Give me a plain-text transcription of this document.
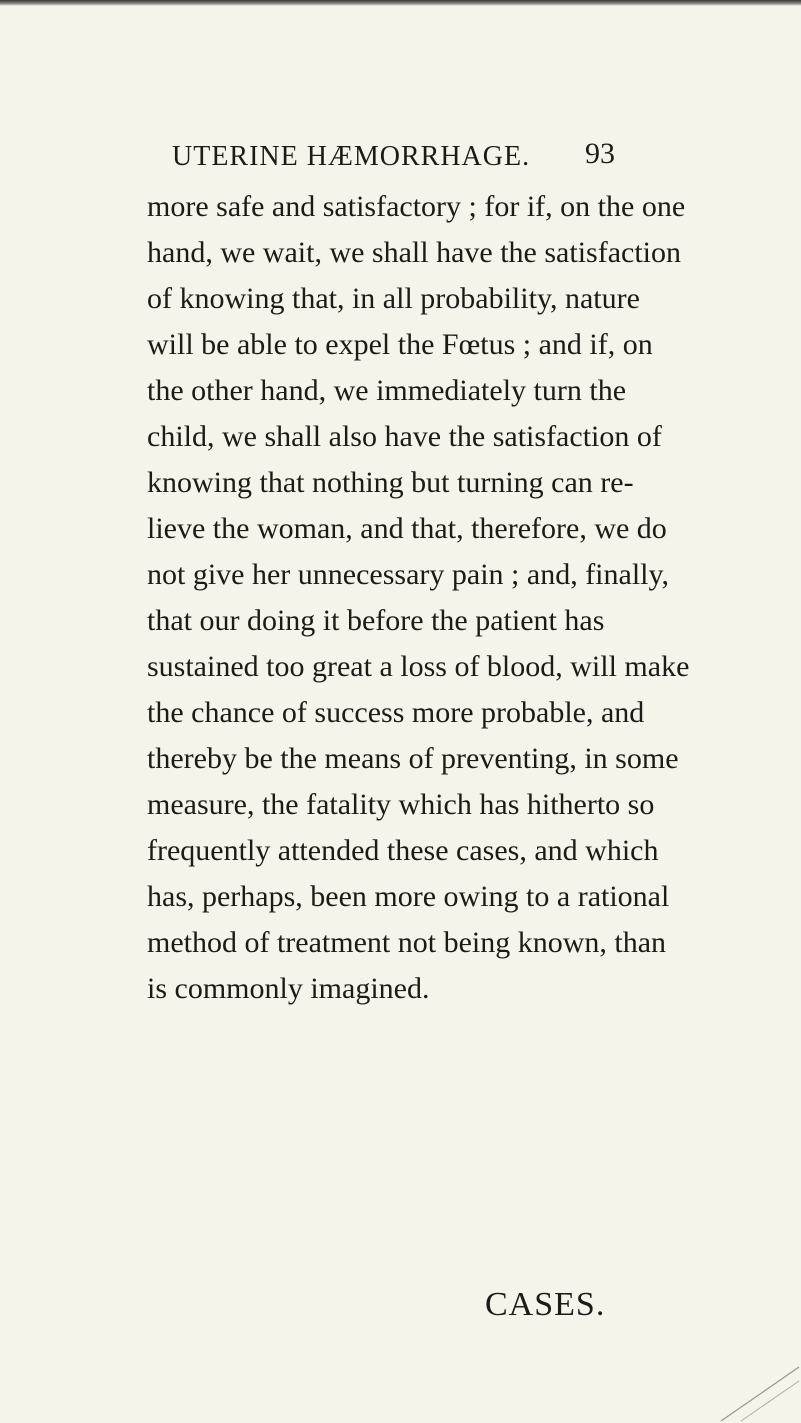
UTERINE HÆMORRHAGE. 93
more safe and satisfactory ; for if, on the one
hand, we wait, we shall have the satisfaction
of knowing that, in all probability, nature
will be able to expel the Fœtus ; and if, on
the other hand, we immediately turn the
child, we shall also have the satisfaction of
knowing that nothing but turning can re-
lieve the woman, and that, therefore, we do
not give her unnecessary pain ; and, finally,
that our doing it before the patient has
sustained too great a loss of blood, will make
the chance of success more probable, and
thereby be the means of preventing, in some
measure, the fatality which has hitherto so
frequently attended these cases, and which
has, perhaps, been more owing to a rational
method of treatment not being known, than
is commonly imagined.
CASES.
